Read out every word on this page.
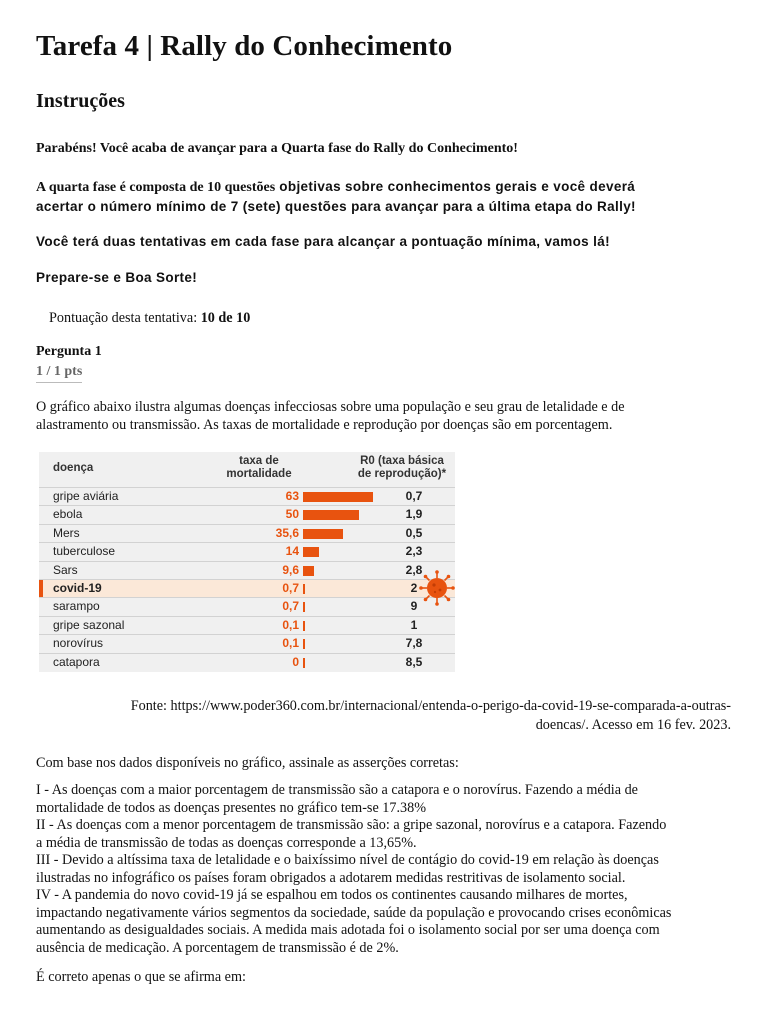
Tarefa 4 | Rally do Conhecimento
Instruções
Parabéns! Você acaba de avançar para a Quarta fase do Rally do Conhecimento!
A quarta fase é composta de 10 questões objetivas sobre conhecimentos gerais e você deverá
acertar o número mínimo de 7 (sete) questões para avançar para a última etapa do Rally!
Você terá duas tentativas em cada fase para alcançar a pontuação mínima, vamos lá!
Prepare-se e Boa Sorte!
Pontuação desta tentativa: 10 de 10
Pergunta 1
1 / 1 pts
O gráfico abaixo ilustra algumas doenças infecciosas sobre uma população e seu grau de letalidade e de
alastramento ou transmissão. As taxas de mortalidade e reprodução por doenças são em porcentagem.
doença
taxa de
mortalidade
R0 (taxa básica
de reprodução)*
gripe aviária	63	0,7
ebola	50	1,9
Mers	35,6	0,5
tuberculose	14	2,3
Sars	9,6	2,8
covid-19	0,7	2
sarampo	0,7	9
gripe sazonal	0,1	1
norovírus	0,1	7,8
catapora	0	8,5
Fonte: https://www.poder360.com.br/internacional/entenda-o-perigo-da-covid-19-se-comparada-a-outras-
doencas/. Acesso em 16 fev. 2023.
Com base nos dados disponíveis no gráfico, assinale as asserções corretas:
I - As doenças com a maior porcentagem de transmissão são a catapora e o norovírus. Fazendo a média de
mortalidade de todos as doenças presentes no gráfico tem-se 17.38%
II - As doenças com a menor porcentagem de transmissão são: a gripe sazonal, norovírus e a catapora. Fazendo
a média de transmissão de todas as doenças corresponde a 13,65%.
III - Devido a altíssima taxa de letalidade e o baixíssimo nível de contágio do covid-19 em relação às doenças
ilustradas no infográfico os países foram obrigados a adotarem medidas restritivas de isolamento social.
IV - A pandemia do novo covid-19 já se espalhou em todos os continentes causando milhares de mortes,
impactando negativamente vários segmentos da sociedade, saúde da população e provocando crises econômicas
aumentando as desigualdades sociais. A medida mais adotada foi o isolamento social por ser uma doença com
ausência de medicação. A porcentagem de transmissão é de 2%.
É correto apenas o que se afirma em:
